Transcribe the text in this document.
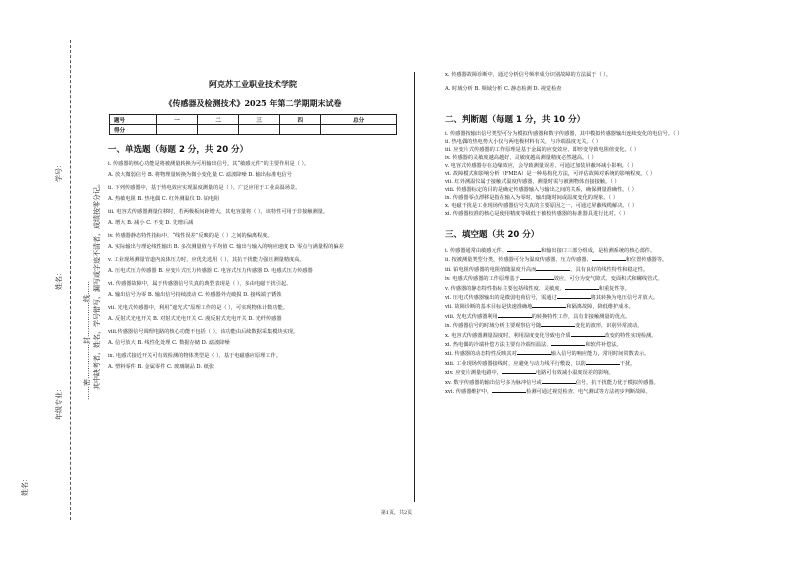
学号：
姓名：
年级专业：
……密……………封……………线…… 其中缺考者，姓名，学号错写，漏写或字迹不清者，成绩按零分记。
姓名：
阿克苏工业职业技术学院
《传感器及检测技术》2025 年第二学期期末试卷
题号	一	二	三	四	总分
得分					
一、单选题（每题 2 分，共 20 分）
i. 传感器的核心功能是将被测量转换为可用输出信号，其“敏感元件”的主要作用是（ ）。
A. 放大微弱信号 B. 将物理量转换为微小变化量 C. 滤波降噪 D. 输出标准电信号
ii. 下列传感器中，基于热电效应实现温度测量的是（ ），广泛应用于工业高温场景。
A. 热敏电阻 B. 热电偶 C. 红外测温仪 D. 铂电阻
iii. 电容式传感器测量位移时，若两极板间距增大，其电容量将（ ），该特性可用于非接触测量。
A. 增大 B. 减小 C. 不变 D. 先增后减
iv. 传感器静态特性指标中，“线性误差”反映的是（ ）之间的偏离程度。
A. 实际输出与理论线性输出 B. 多次测量值与平均值 C. 输出与输入的响应速度 D. 零点与满量程的偏差
v. 工业现场测量管道内流体压力时，应优先选用（ ），其抗干扰能力强且测量精度高。
A. 压电式压力传感器 B. 应变片式压力传感器 C. 电容式压力传感器 D. 电感式压力传感器
vi. 传感器故障中，属于传感器信号失真的典型表现是（ ），多由电磁干扰引起。
A. 输出信号为零 B. 输出信号持续波动 C. 传感器外壳破损 D. 接线端子锈蚀
vii. 光电式传感器中，利用“遮光式”原理工作的是（ ），可实现物体计数功能。
A. 反射式光电开关 B. 对射式光电开关 C. 漫反射式光电开关 D. 光纤传感器
viii.传感器信号调理电路的核心功能不包括（ ），该功能由后续数据采集模块实现。
A. 信号放大 B. 线性化处理 C. 数据存储 D. 滤波降噪
ix. 电感式接近开关可有效检测的物体类型是（ ），基于电磁感应原理工作。
A. 塑料零件 B. 金属零件 C. 玻璃制品 D. 纸张
x. 传感器故障诊断中，通过分析信号频率成分识别故障的方法属于（ ）。
A. 时域分析 B. 频域分析 C. 静态检测 D. 视觉检查
二、判断题（每题 1 分，共 10 分）
i. 传感器按输出信号类型可分为模拟传感器和数字传感器，其中模拟传感器输出连续变化的电信号。（ ）
ii. 热电偶的热电势大小仅与两电极材料有关，与冷端温度无关。（ ）
iii. 应变片式传感器的工作原理是基于金属的应变效应，即形变导致电阻值变化。（ ）
iv. 传感器的灵敏度越高越好，灵敏度越高测量精度必然越高。（ ）
v. 电容式传感器存在边缘效应，会导致测量误差，可通过加装屏蔽环减小影响。（ ）
vi. 故障模式和影响分析（FMEA）是一种易构化方法，可评估故障对系统的影响程度。（ ）
vii. 红外测温仪属于接触式温度传感器，测量时需与被测物体直接接触。（ ）
viii. 传感器标定的目的是确定传感器输入与输出之间的关系，确保测量准确性。（ ）
ix. 传感器零点漂移是指在输入为零时，输出随时间或温度变化的现象。（ ）
x. 电磁干扰是工业现场传感器信号失真的主要原因之一，可通过屏蔽线缆解决。（ ）
xi. 传感器校准的核心是使用精度等级低于被校传感器的标准器具进行比对。（ ）
三、填空题（共 20 分）
i. 传感器通常由敏感元件、	和输出接口三部分组成，是检测系统的核心部件。
ii. 按被测量类型分类，传感器可分为温度传感器、压力传感器、	和位置传感器等。
iii. 铂电阻传感器的电阻值随温度升高而	，具有良好的线性特性和稳定性。
iv. 电感式传感器的工作原理基于	效应，可分为变气隙式、变面积式和螺线管式。
v. 传感器的静态特性指标主要包括线性度、灵敏度、	和重复性等。
vi. 压电式传感器输出的是微弱电荷信号，需通过	将其转换为电压信号并放大。
vii. 故障诊断的基本目标是快速准确地	和隔离故障，降低维护成本。
viii. 光电式传感器利用	的转换特性工作，具有非接触测量的优点。
ix. 传感器信号的时域分析主要观察信号随	变化的波形，识别异常波动。
x. 电容式传感器测量湿度时，利用湿度变化导致电介质	改变的特性实现检测。
xi. 热电偶的冷端补偿方法主要有冷端恒温法、	和软件补偿法。
xii. 传感器的动态特性反映其对	输入信号的响应能力，常用时间常数表示。
xiii. 工业现场传感器接线时，应避免与动力线平行敷设，以防	干扰。
xiv. 应变片测量电路中，	电路可有效减小温度误差的影响。
xv. 数字传感器的输出信号多为脉冲信号或	信号，抗干扰能力优于模拟传感器。
xvi. 传感器维护中，	检测可通过视觉检查、电气测试等方法初步判断故障。
第1页，共2页
